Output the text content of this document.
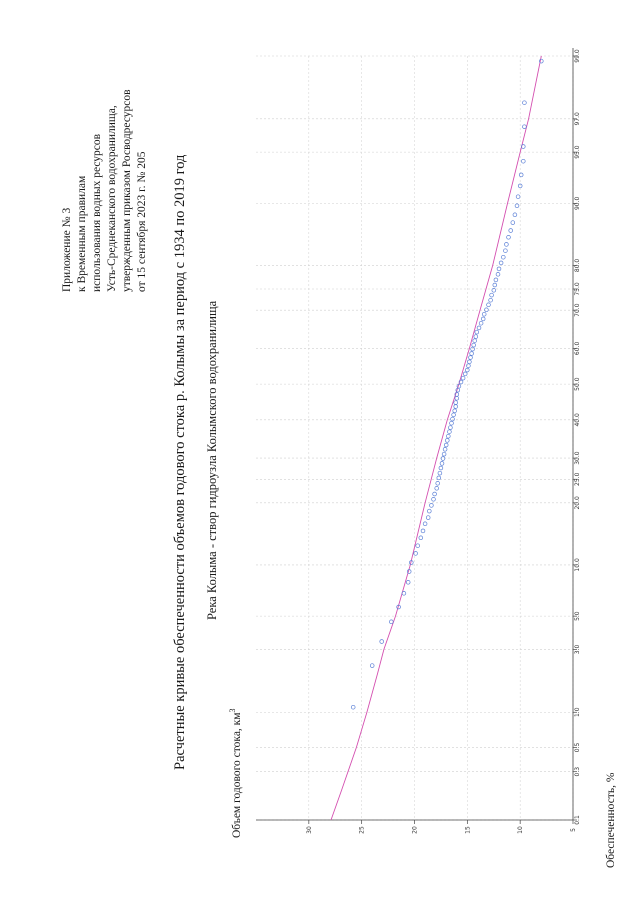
Приложение № 3 к Временным правилам использования водных ресурсов Усть-Среднеканского водохранилища, утвержденным приказом Росводресурсов от 15 сентября 2023 г. № 205 Расчетные кривые обеспеченности объемов годового стока р. Колымы за период с 1934 по 2019 год Река Колыма - створ гидроузла Колымского водохранилища
Объем годового стока, $км^3$
Обеспеченность, %
0.1
0.3
0.5
1.0
3.0
5.0
10.0
20.0
25.0
30.0
40.0
50.0
60.0
70.0
75.0
80.0
90.0
95.0
97.0
99.0
5
10
15
20
25
30
